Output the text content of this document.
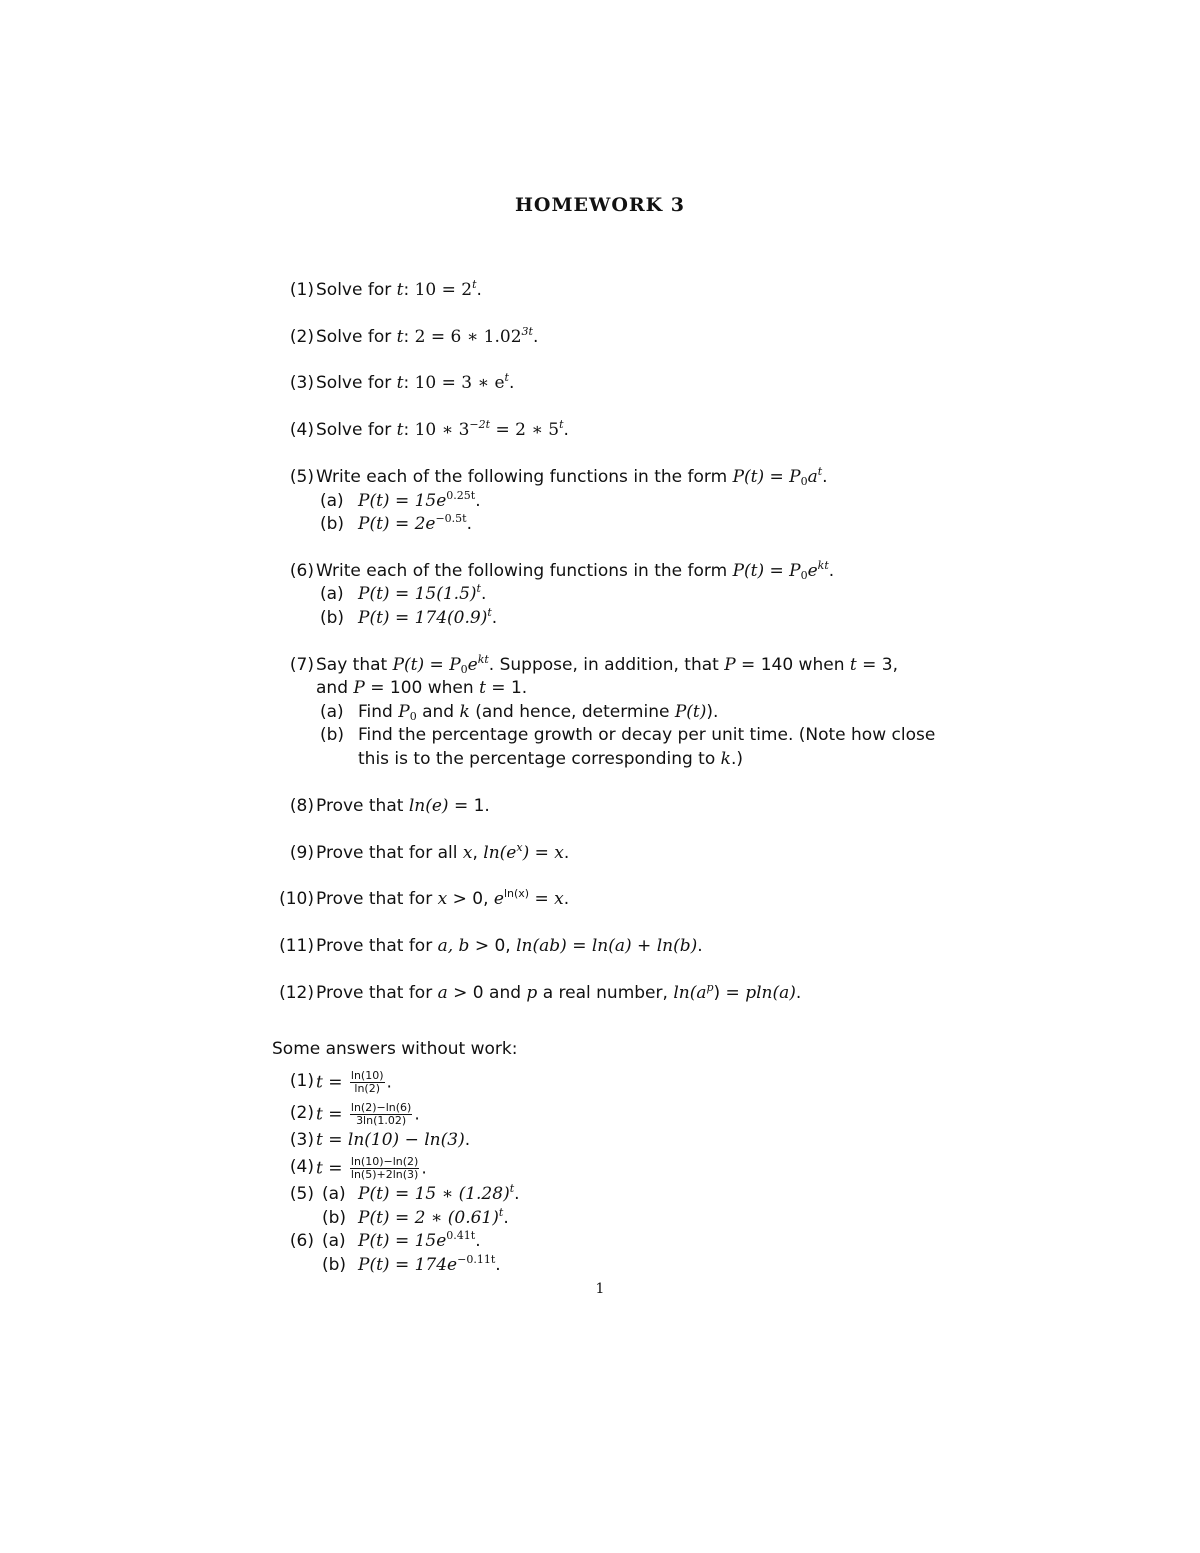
HOMEWORK 3
(1) Solve for t: $10 = 2^t$.
(2) Solve for t: 2 = 6 ∗ $1.02^{3t}$.
(3) Solve for t: 10 = 3 ∗ $e^t$.
(4) Solve for t: 10 ∗ $3^{-2t} = 2$ ∗ 5$^t$.
(5) Write each of the following functions in the form $P(t) = P_0a^t$.
(a) $P(t) = 15e^{0.25t}$.
(b) $P(t) = 2e^{-0.5t}$.
(6) Write each of the following functions in the form $P(t) = P_0e^{kt}$.
(a) $P(t) = 15(1.5)^t$.
(b) $P(t) = 174(0.9)^t$.
(7) Say that $P(t) = P_0e^{kt}$. Suppose, in addition, that P = 140 when t = 3,
and P = 100 when t = 1.
(a) Find $P_0$ and k (and hence, determine P(t)).
(b) Find the percentage growth or decay per unit time. (Note how close
this is to the percentage corresponding to k.)
(8) Prove that ln(e) = 1.
(9) Prove that for all x, $\ln(e^x) = x$.
(10) Prove that for x > 0, $e^{ln(x)} = x$.
(11) Prove that for a, b > 0, ln(ab) = ln(a) + ln(b).
(12) Prove that for a > 0 and p a real number, $\ln(a^p) = pln(a)$.
Some answers without work:
(1) $t = \frac{\ln(10)}{\ln(2)}$ .
(2) $t = \frac{\ln(2)-\ln(6)}{3\ln(1.02)}$ .
(3) t = ln(10) − ln(3).
(4) $t = \frac{\ln(10)-\ln(2)}{\ln(5)+2\ln(3)}$ .
(5) (a) P(t) = 15 ∗ $(1.28)^t$.
(b) P(t) = 2 ∗ $(0.61)^t$.
(6) (a) $P(t) = 15e^{0.41t}$.
(b) $P(t) = 174e^{-0.11t}$.
1
